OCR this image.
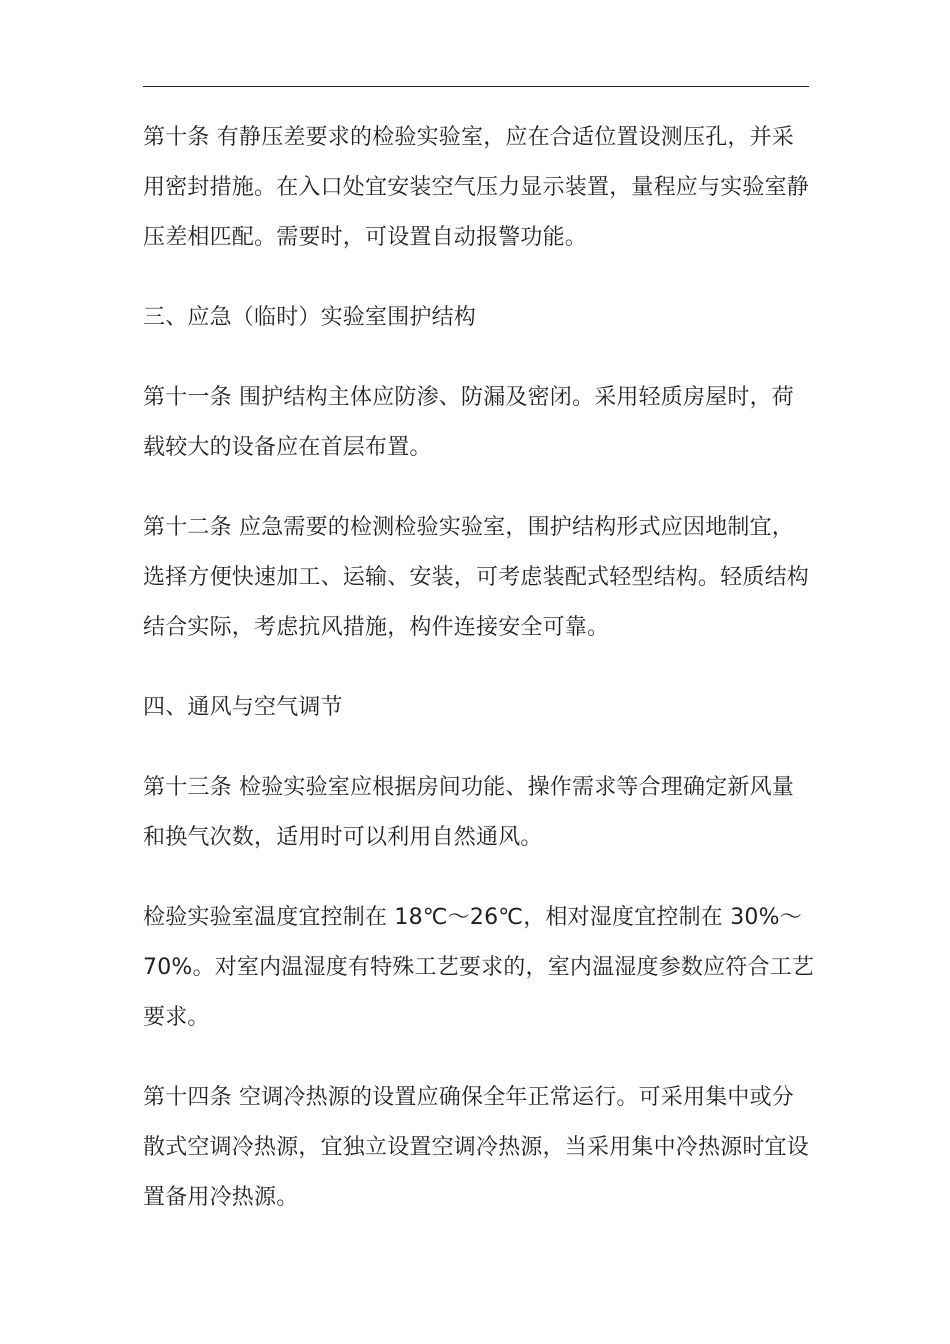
第十条 有静压差要求的检验实验室，应在合适位置设测压孔，并采
用密封措施。在入口处宜安装空气压力显示装置，量程应与实验室静
压差相匹配。需要时，可设置自动报警功能。

三、应急（临时）实验室围护结构

第十一条 围护结构主体应防渗、防漏及密闭。采用轻质房屋时，荷
载较大的设备应在首层布置。

第十二条 应急需要的检测检验实验室，围护结构形式应因地制宜，
选择方便快速加工、运输、安装，可考虑装配式轻型结构。轻质结构
结合实际，考虑抗风措施，构件连接安全可靠。

四、通风与空气调节

第十三条 检验实验室应根据房间功能、操作需求等合理确定新风量
和换气次数，适用时可以利用自然通风。

检验实验室温度宜控制在 18℃～26℃，相对湿度宜控制在 30%～
70%。对室内温湿度有特殊工艺要求的，室内温湿度参数应符合工艺
要求。

第十四条 空调冷热源的设置应确保全年正常运行。可采用集中或分
散式空调冷热源，宜独立设置空调冷热源，当采用集中冷热源时宜设
置备用冷热源。
